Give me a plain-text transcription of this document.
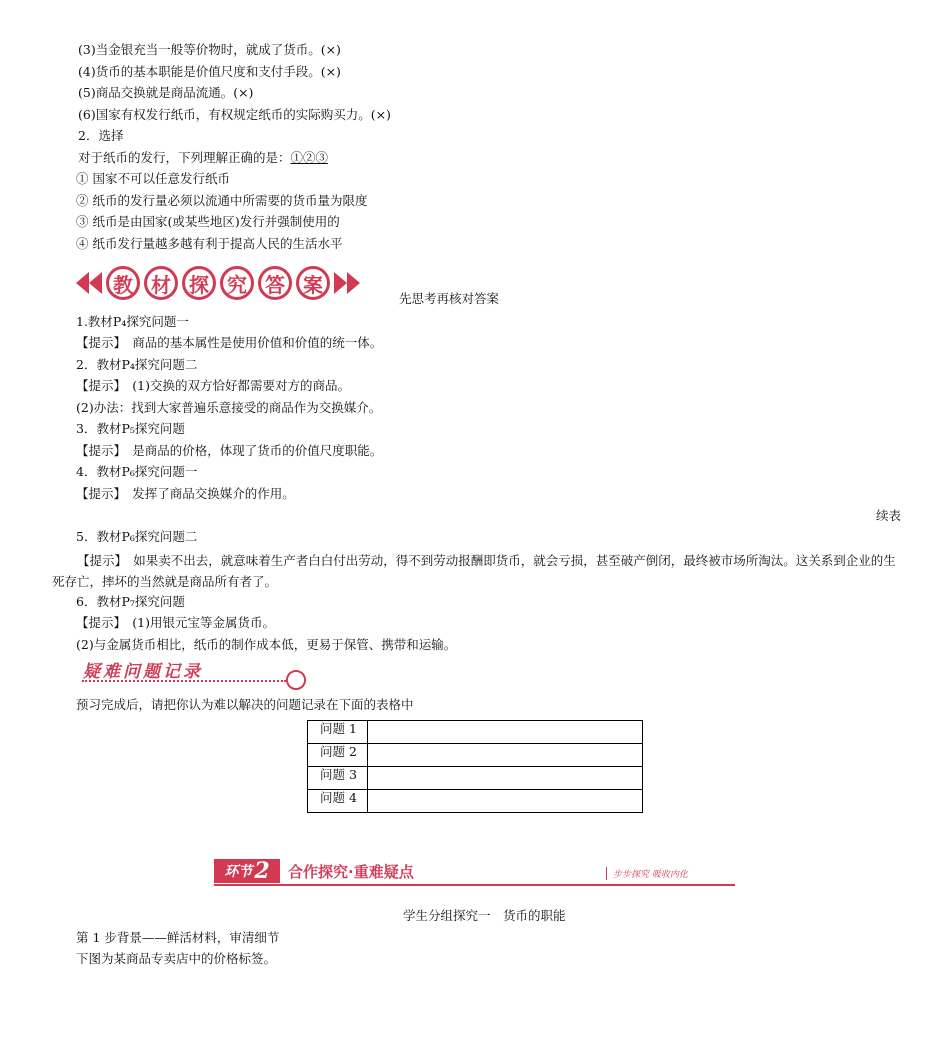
(3)当金银充当一般等价物时，就成了货币。(×)
(4)货币的基本职能是价值尺度和支付手段。(×)
(5)商品交换就是商品流通。(×)
(6)国家有权发行纸币，有权规定纸币的实际购买力。(×)
2．选择
对于纸币的发行，下列理解正确的是：①②③
① 国家不可以任意发行纸币
② 纸币的发行量必须以流通中所需要的货币量为限度
③ 纸币是由国家(或某些地区)发行并强制使用的
④ 纸币发行量越多越有利于提高人民的生活水平
教 材 探 究 答 案
先思考再核对答案
1.教材P₄探究问题一
【提示】　商品的基本属性是使用价值和价值的统一体。
2．教材P₄探究问题二
【提示】　(1)交换的双方恰好都需要对方的商品。
(2)办法：找到大家普遍乐意接受的商品作为交换媒介。
3．教材P₅探究问题
【提示】　是商品的价格，体现了货币的价值尺度职能。
4．教材P₆探究问题一
【提示】　发挥了商品交换媒介的作用。
续表
5．教材P₆探究问题二
【提示】　如果卖不出去，就意味着生产者白白付出劳动，得不到劳动报酬即货币，就会亏损，甚至破产倒闭，最终被市场所淘汰。这关系到企业的生死存亡，摔坏的当然就是商品所有者了。
6．教材P₇探究问题
【提示】　(1)用银元宝等金属货币。
(2)与金属货币相比，纸币的制作成本低，更易于保管、携带和运输。
疑难问题记录
预习完成后，请把你认为难以解决的问题记录在下面的表格中
问题 1	
问题 2	
问题 3	
问题 4	
环节 2 合作探究·重难疑点	步步探究 吸收内化
学生分组探究一　货币的职能
第 1 步背景——鲜活材料，审清细节
下图为某商品专卖店中的价格标签。
